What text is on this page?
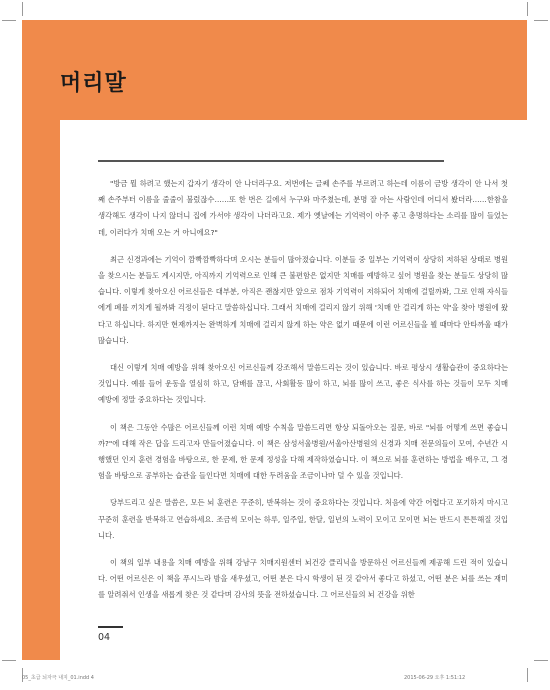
머리말

"방금 뭘 하려고 했는지 갑자기 생각이 안 나더라구요. 저번에는 글쎄 손주를 부르려고 하는데 이름이 금방 생각이 안 나서 첫째 손주부터 이름을 줄줄이 불렀잖수……또 한 번은 길에서 누구와 마주쳤는데, 분명 잘 아는 사람인데 어디서 봤더라……한참을 생각해도 생각이 나지 않더니 집에 가서야 생각이 나더라고요. 제가 옛날에는 기억력이 아주 좋고 총명하다는 소리를 많이 들었는데, 이러다가 치매 오는 거 아니에요?"

최근 신경과에는 기억이 깜빡깜빡하다며 오시는 분들이 많아졌습니다. 이분들 중 일부는 기억력이 상당히 저하된 상태로 병원을 찾으시는 분들도 계시지만, 아직까지 기억력으로 인해 큰 불편함은 없지만 치매를 예방하고 싶어 병원을 찾는 분들도 상당히 많습니다. 이렇게 찾아오신 어르신들은 대부분, 아직은 괜찮지만 앞으로 점차 기억력이 저하되어 치매에 걸릴까봐, 그로 인해 자식들에게 폐를 끼치게 될까봐 걱정이 된다고 말씀하십니다. 그래서 치매에 걸리지 않기 위해 '치매 안 걸리게 하는 약'을 찾아 병원에 왔다고 하십니다. 하지만 현재까지는 완벽하게 치매에 걸리지 않게 하는 약은 없기 때문에 이런 어르신들을 뵐 때마다 안타까울 때가 많습니다.

대신 이렇게 치매 예방을 위해 찾아오신 어르신들께 강조해서 말씀드리는 것이 있습니다. 바로 평상시 생활습관이 중요하다는 것입니다. 예를 들어 운동을 열심히 하고, 담배를 끊고, 사회활동 많이 하고, 뇌를 많이 쓰고, 좋은 식사를 하는 것들이 모두 치매 예방에 정말 중요하다는 것입니다.

이 책은 그동안 수많은 어르신들께 이런 치매 예방 수칙을 말씀드리면 항상 되돌아오는 질문, 바로 "뇌를 어떻게 쓰면 좋습니까?"에 대해 작은 답을 드리고자 만들어졌습니다. 이 책은 삼성서울병원/서울아산병원의 신경과 치매 전문의들이 모여, 수년간 시행했던 인지 훈련 경험을 바탕으로, 한 문제, 한 문제 정성을 다해 제작하였습니다. 이 책으로 뇌를 훈련하는 방법을 배우고, 그 경험을 바탕으로 공부하는 습관을 들인다면 치매에 대한 두려움을 조금이나마 덜 수 있을 것입니다.

당부드리고 싶은 말씀은, 모든 뇌 훈련은 꾸준히, 반복하는 것이 중요하다는 것입니다. 처음에 약간 어렵다고 포기하지 마시고 꾸준히 훈련을 반복하고 연습하세요. 조금씩 모이는 하루, 일주일, 한달, 일년의 노력이 모이고 모이면 뇌는 반드시 튼튼해질 것입니다.

이 책의 일부 내용을 치매 예방을 위해 강남구 치매지원센터 뇌건강 클리닉을 방문하신 어르신들께 제공해 드린 적이 있습니다. 어떤 어르신은 이 책을 푸시느라 밤을 새우셨고, 어떤 분은 다시 학생이 된 것 같아서 좋다고 하셨고, 어떤 분은 뇌를 쓰는 재미를 알려줘서 인생을 새롭게 찾은 것 같다며 감사의 뜻을 전하셨습니다. 그 어르신들의 뇌 건강을 위한

04
05_초급 뇌자극 내지_01.indd 4	2015-06-29 오후 1:51:12
